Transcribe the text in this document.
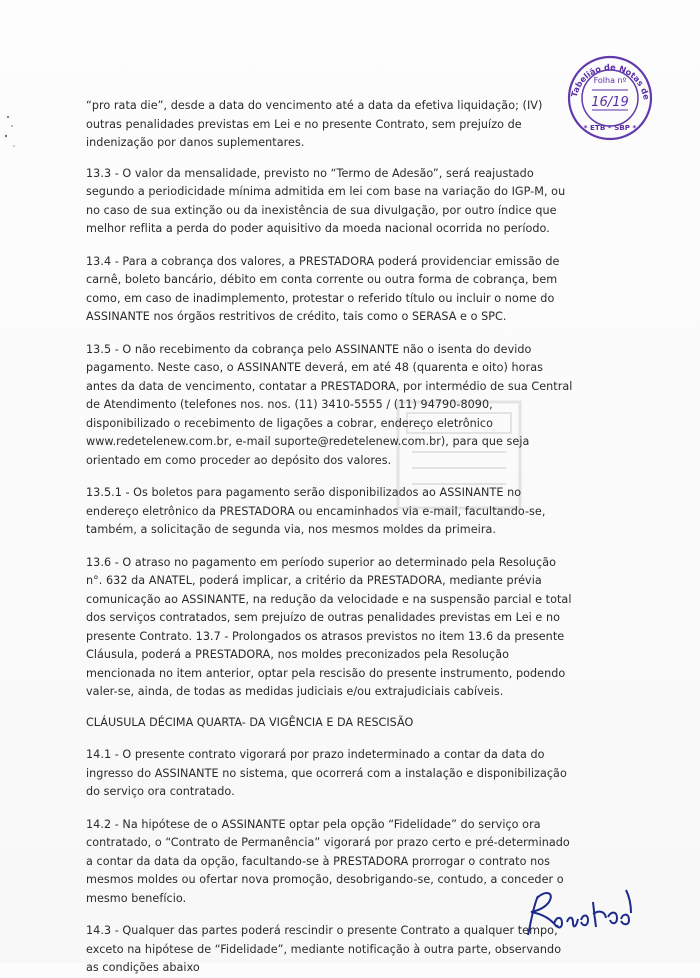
Tabelião de Notas de
Folha nº
16/19
* ETB * SBP *

“pro rata die”, desde a data do vencimento até a data da efetiva liquidação; (IV) outras penalidades previstas em Lei e no presente Contrato, sem prejuízo de indenização por danos suplementares.

13.3 - O valor da mensalidade, previsto no “Termo de Adesão”, será reajustado segundo a periodicidade mínima admitida em lei com base na variação do IGP-M, ou no caso de sua extinção ou da inexistência de sua divulgação, por outro índice que melhor reflita a perda do poder aquisitivo da moeda nacional ocorrida no período.

13.4 - Para a cobrança dos valores, a PRESTADORA poderá providenciar emissão de carnê, boleto bancário, débito em conta corrente ou outra forma de cobrança, bem como, em caso de inadimplemento, protestar o referido título ou incluir o nome do ASSINANTE nos órgãos restritivos de crédito, tais como o SERASA e o SPC.

13.5 - O não recebimento da cobrança pelo ASSINANTE não o isenta do devido pagamento. Neste caso, o ASSINANTE deverá, em até 48 (quarenta e oito) horas antes da data de vencimento, contatar a PRESTADORA, por intermédio de sua Central de Atendimento (telefones nos. nos. (11) 3410-5555 / (11) 94790-8090, disponibilizado o recebimento de ligações a cobrar, endereço eletrônico www.redetelenew.com.br, e-mail suporte@redetelenew.com.br), para que seja orientado em como proceder ao depósito dos valores.

13.5.1 - Os boletos para pagamento serão disponibilizados ao ASSINANTE no endereço eletrônico da PRESTADORA ou encaminhados via e-mail, facultando-se, também, a solicitação de segunda via, nos mesmos moldes da primeira.

13.6 - O atraso no pagamento em período superior ao determinado pela Resolução n°. 632 da ANATEL, poderá implicar, a critério da PRESTADORA, mediante prévia comunicação ao ASSINANTE, na redução da velocidade e na suspensão parcial e total dos serviços contratados, sem prejuízo de outras penalidades previstas em Lei e no presente Contrato. 13.7 - Prolongados os atrasos previstos no item 13.6 da presente Cláusula, poderá a PRESTADORA, nos moldes preconizados pela Resolução mencionada no item anterior, optar pela rescisão do presente instrumento, podendo valer-se, ainda, de todas as medidas judiciais e/ou extrajudiciais cabíveis.

CLÁUSULA DÉCIMA QUARTA- DA VIGÊNCIA E DA RESCISÃO

14.1 - O presente contrato vigorará por prazo indeterminado a contar da data do ingresso do ASSINANTE no sistema, que ocorrerá com a instalação e disponibilização do serviço ora contratado.

14.2 - Na hipótese de o ASSINANTE optar pela opção “Fidelidade” do serviço ora contratado, o “Contrato de Permanência” vigorará por prazo certo e pré-determinado a contar da data da opção, facultando-se à PRESTADORA prorrogar o contrato nos mesmos moldes ou ofertar nova promoção, desobrigando-se, contudo, a conceder o mesmo benefício.

14.3 - Qualquer das partes poderá rescindir o presente Contrato a qualquer tempo, exceto na hipótese de “Fidelidade”, mediante notificação à outra parte, observando as condições abaixo
